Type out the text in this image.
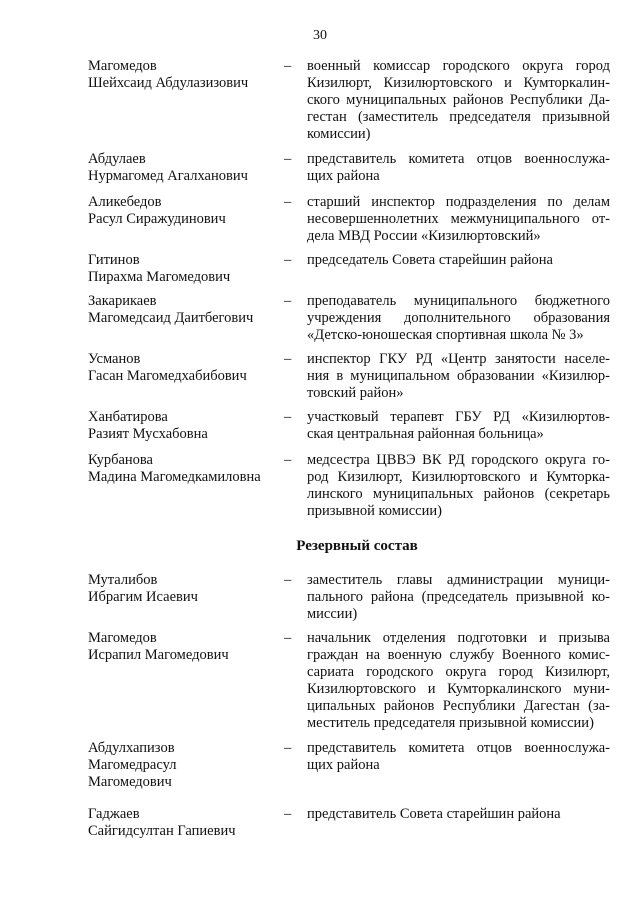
30
Магомедов
Шейхсаид Абдулазизович
– военный комиссар городского округа город
Кизилюрт, Кизилюртовского и Кумторкалин-
ского муниципальных районов Республики Да-
гестан (заместитель председателя призывной
комиссии)
Абдулаев
Нурмагомед Агалханович
– представитель комитета отцов военнослужа-
щих района
Аликебедов
Расул Сиражудинович
– старший инспектор подразделения по делам
несовершеннолетних межмуниципального от-
дела МВД России «Кизилюртовский»
Гитинов
Пирахма Магомедович
– председатель Совета старейшин района
Закарикаев
Магомедсаид Даитбегович
– преподаватель муниципального бюджетного
учреждения дополнительного образования
«Детско-юношеская спортивная школа № 3»
Усманов
Гасан Магомедхабибович
– инспектор ГКУ РД «Центр занятости населе-
ния в муниципальном образовании «Кизилюр-
товский район»
Ханбатирова
Разият Мусхабовна
– участковый терапевт ГБУ РД «Кизилюртов-
ская центральная районная больница»
Курбанова
Мадина Магомедкамиловна
– медсестра ЦВВЭ ВК РД городского округа го-
род Кизилюрт, Кизилюртовского и Кумторка-
линского муниципальных районов (секретарь
призывной комиссии)
Резервный состав
Муталибов
Ибрагим Исаевич
– заместитель главы администрации муници-
пального района (председатель призывной ко-
миссии)
Магомедов
Исрапил Магомедович
– начальник отделения подготовки и призыва
граждан на военную службу Военного комис-
сариата городского округа город Кизилюрт,
Кизилюртовского и Кумторкалинского муни-
ципальных районов Республики Дагестан (за-
меститель председателя призывной комиссии)
Абдулхапизов
Магомедрасул
Магомедович
– представитель комитета отцов военнослужа-
щих района
Гаджаев
Сайгидсултан Гапиевич
– представитель Совета старейшин района
